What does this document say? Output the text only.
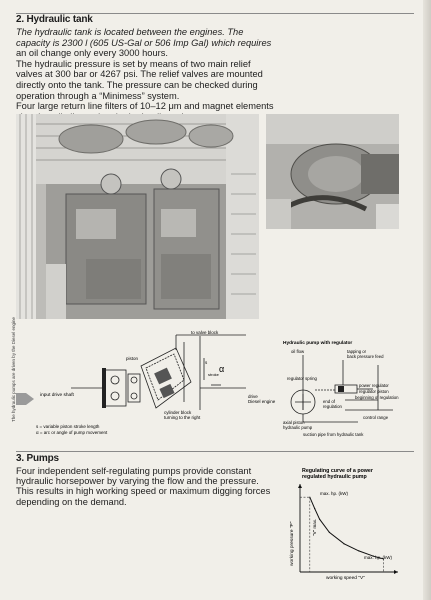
2. Hydraulic tank

The hydraulic tank is located between the engines. The

capacity is 2300 l (605 US-Gal or 506 Imp Gal) which requires

an oil change only every 3000 hours.

The hydraulic pressure is set by means of two main relief

valves at 300 bar or 4267 psi. The relief valves are mounted

directly onto the tank. The pressure can be checked during

operation through a “Minimess” system.

Four large return line filters of 10–12 μm and magnet elements

The hydraulic pumps are driven by the Diesel engine	to valve block
piston
α
s
stroke
input drive shaft	drive
Diesel engine
cylinder block
turning to the right
s = variable piston stroke length
α = arc or angle of pump movement
Hydraulic pump with regulator
oil flow	tapping or
back pressure feed
regulator spring
power regulator
regulator piston
beginning of regulation
end of
regulation
control range
axial piston
hydraulic pump
suction pipe from hydraulic tank
3. Pumps
Four independent self-regulating pumps provide constant
hydraulic horsepower by varying the flow and the pressure.
This results in high working speed or maximum digging forces
depending on the demand.
Regulating curve of a power
regulated hydraulic pump
max. hp. (kW)
max. hp. (kW)
working speed "V"
working pressure "P"	"V" max.
